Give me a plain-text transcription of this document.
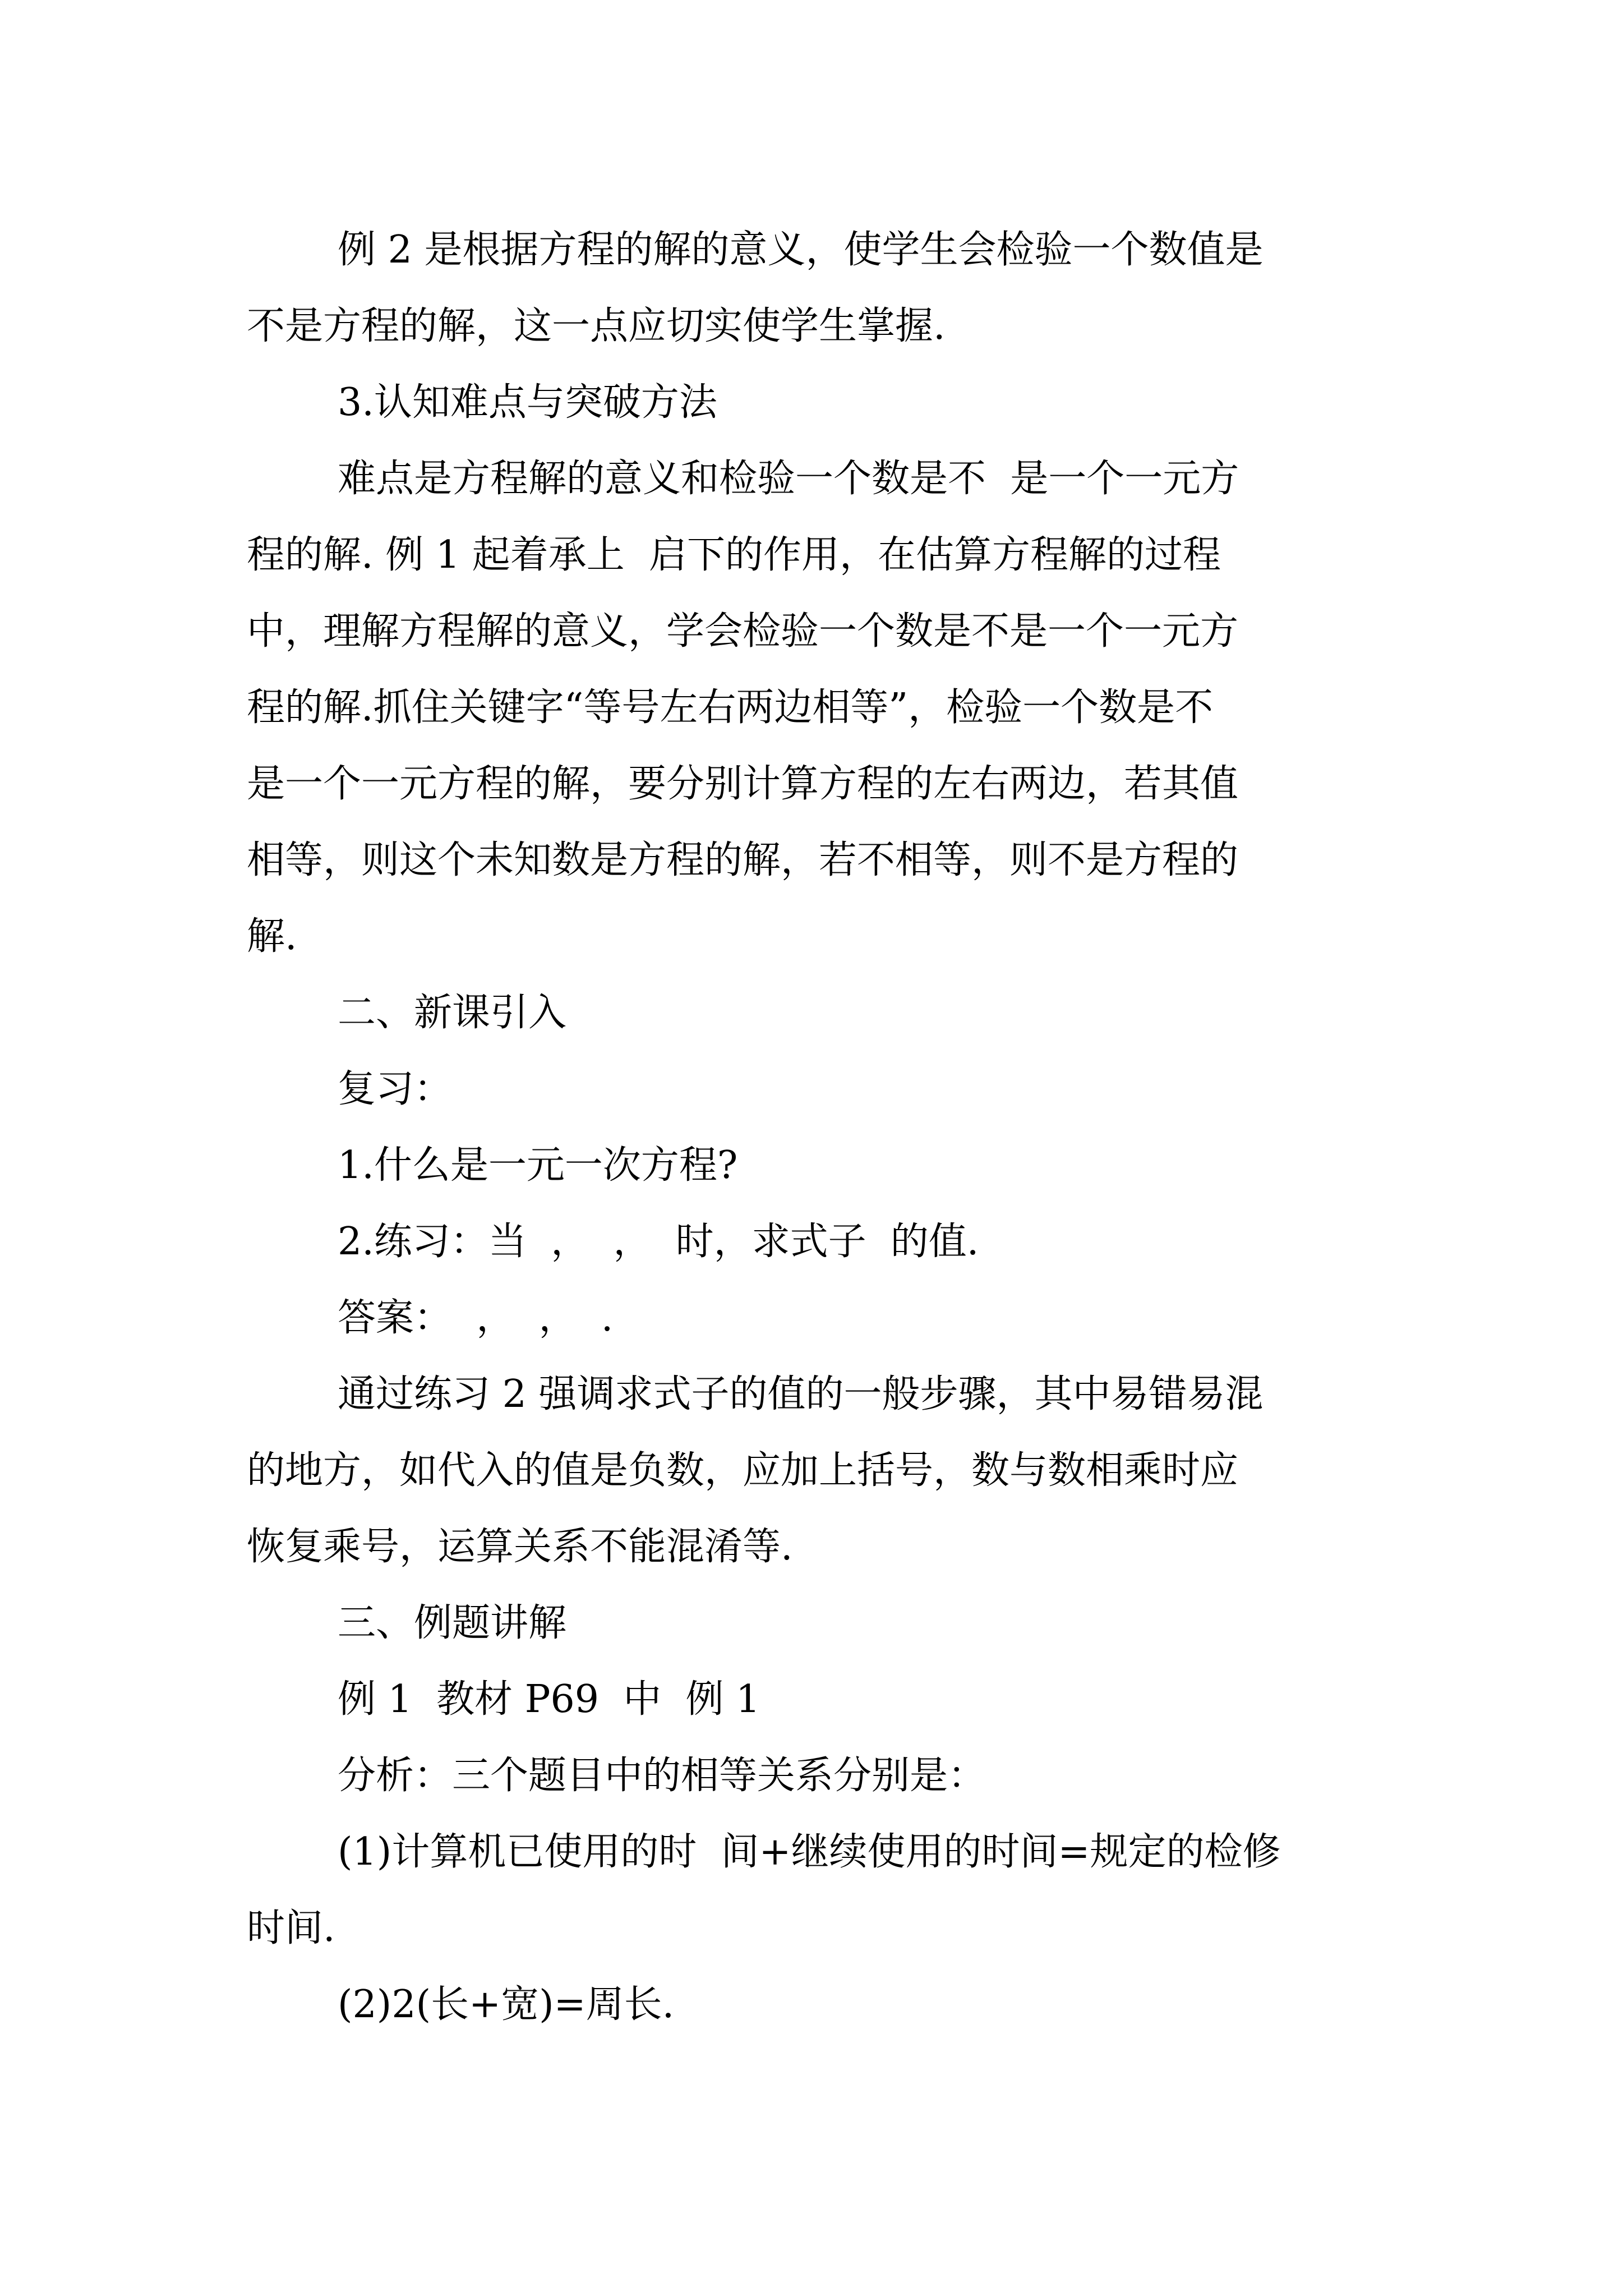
例 2 是根据方程的解的意义，使学生会检验一个数值是
不是方程的解，这一点应切实使学生掌握.
3.认知难点与突破方法
难点是方程解的意义和检验一个数是不  是一个一元方
程的解. 例 1 起着承上  启下的作用，在估算方程解的过程
中，理解方程解的意义，学会检验一个数是不是一个一元方
程的解.抓住关键字“等号左右两边相等”，检验一个数是不
是一个一元方程的解，要分别计算方程的左右两边，若其值
相等，则这个未知数是方程的解，若不相等，则不是方程的
解.
二、新课引入
复习：
1.什么是一元一次方程?
2.练习：当  ，  ，  时，求式子  的值.
答案：  ，  ，  .
通过练习 2 强调求式子的值的一般步骤，其中易错易混
的地方，如代入的值是负数，应加上括号，数与数相乘时应
恢复乘号，运算关系不能混淆等.
三、例题讲解
例 1  教材 P69  中  例 1
分析：三个题目中的相等关系分别是：
(1)计算机已使用的时  间+继续使用的时间=规定的检修
时间.
(2)2(长+宽)=周长.
